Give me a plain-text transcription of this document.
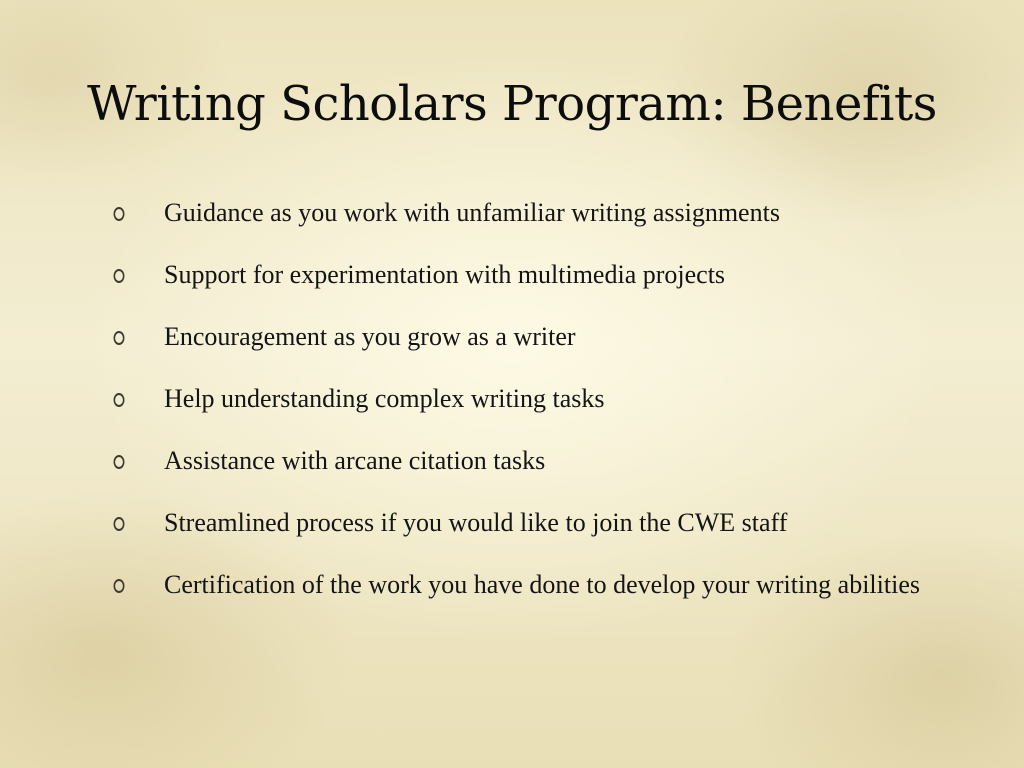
Writing Scholars Program: Benefits
Guidance as you work with unfamiliar writing assignments
Support for experimentation with multimedia projects
Encouragement as you grow as a writer
Help understanding complex writing tasks
Assistance with arcane citation tasks
Streamlined process if you would like to join the CWE staff
Certification of the work you have done to develop your writing abilities
